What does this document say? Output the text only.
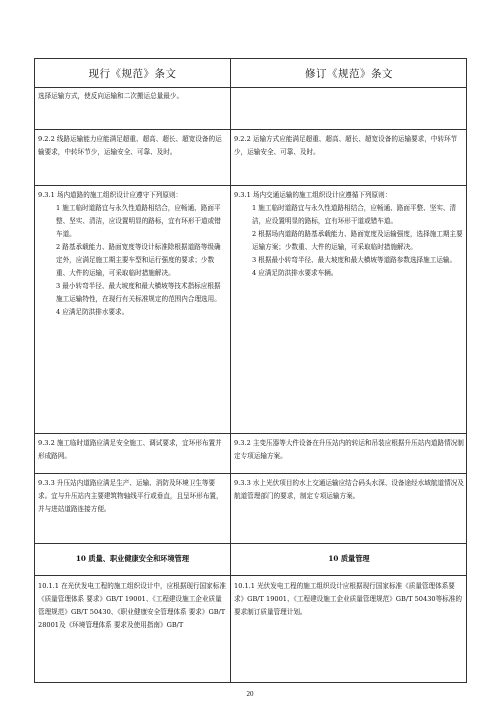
现行《规范》条文	修订《规范》条文
选择运输方式，使反向运输和二次搬运总量最少。
9.2.2 线路运输能力应能满足超重、超高、超长、超宽设备的运输要求，中转环节少，运输安全、可靠、及时。
9.2.2 运输方式应能满足超重、超高、超长、超宽设备的运输要求，中转环节少，运输安全、可靠、及时。

9.3.1 场内道路的施工组织设计应遵守下列原则：

1 施工临时道路宜与永久性道路相结合，应畅通、路面平整、坚实、清洁，应设置明显的路标，宜有环形干道或错车道。

2 路基承载能力、路面宽度等设计标准除根据道路等级确定外，应满足施工期主要车型和运行强度的要求；少数重、大件的运输，可采取临时措施解决。

3 最小转弯半径、最大坡度和最大横坡等技术指标应根据施工运输特性，在现行有关标准规定的范围内合理选用。

4 应满足防洪排水要求。

9.3.1 场内交通运输的施工组织设计应遵循下列原则：

1 施工临时道路宜与永久性道路相结合，应畅通、路面平整、坚实、清洁，应设置明显的路标，宜有环形干道或错车道。

2 根据场内道路的路基承载能力、路面宽度及运输强度，选择施工期主要运输方案；少数重、大件的运输，可采取临时措施解决。

3 根据最小转弯半径、最大坡度和最大横坡等道路参数选择施工运输。

4 应满足防洪排水要求车辆。

9.3.2 施工临时道路应满足安全施工、调试要求，宜环形布置并形成路网。
9.3.2 主变压器等大件设备在升压站内的转运和吊装应根据升压站内道路情况制定专项运输方案。
9.3.3 升压站内道路应满足生产、运输、消防及环境卫生等要求。宜与升压站内主要建筑物轴线平行或垂直，且呈环形布置，并与进站道路连接方便。
9.3.3 水上光伏项目的水上交通运输应结合码头水深、设备途经水域航道情况及航道管理部门的要求，制定专项运输方案。
10 质量、职业健康安全和环境管理	10 质量管理
10.1.1 在光伏发电工程的施工组织设计中，应根据现行国家标准《质量管理体系 要求》GB/T 19001、《工程建设施工企业质量管理规范》GB/T 50430、《职业健康安全管理体系 要求》GB/T 28001及《环境管理体系 要求及使用指南》GB/T
10.1.1 光伏发电工程的施工组织设计应根据现行国家标准《质量管理体系要求》GB/T 19001、《工程建设施工企业质量管理规范》GB/T 50430等标准的要求制订质量管理计划。
20
